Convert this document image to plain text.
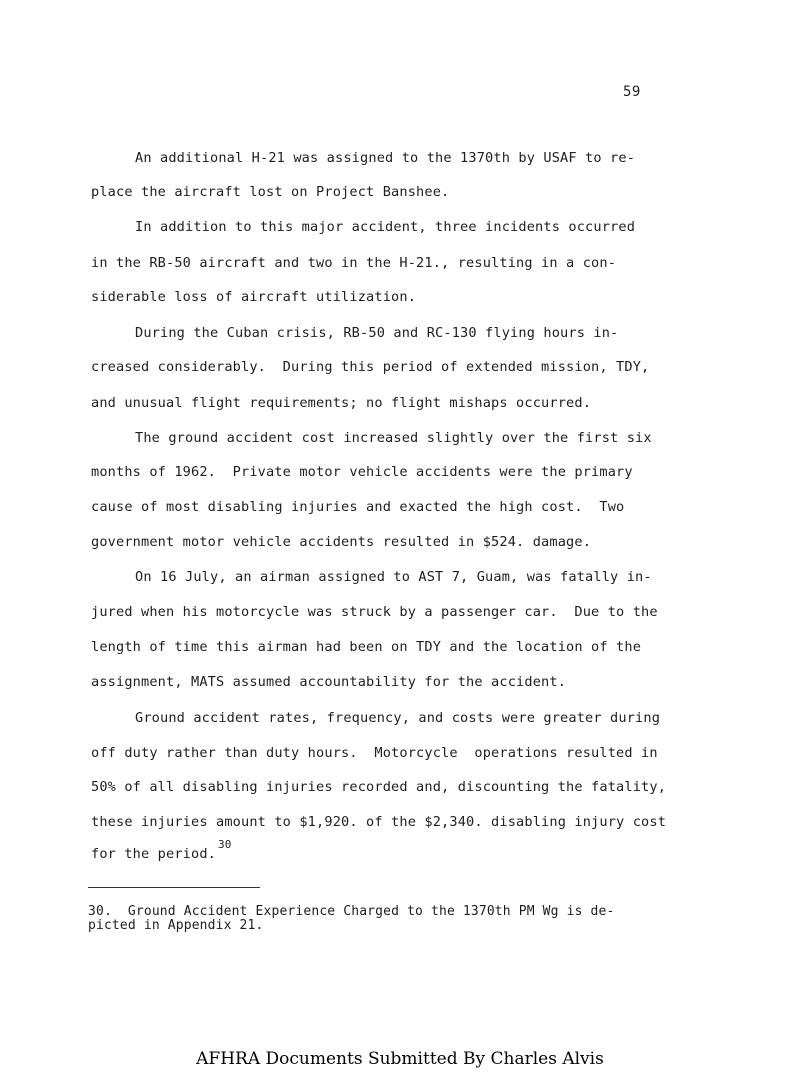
59
An additional H-21 was assigned to the 1370th by USAF to re-
place the aircraft lost on Project Banshee.
In addition to this major accident, three incidents occurred
in the RB-50 aircraft and two in the H-21., resulting in a con-
siderable loss of aircraft utilization.
During the Cuban crisis, RB-50 and RC-130 flying hours in-
creased considerably.  During this period of extended mission, TDY,
and unusual flight requirements; no flight mishaps occurred.
The ground accident cost increased slightly over the first six
months of 1962.  Private motor vehicle accidents were the primary
cause of most disabling injuries and exacted the high cost.  Two
government motor vehicle accidents resulted in $524. damage.
On 16 July, an airman assigned to AST 7, Guam, was fatally in-
jured when his motorcycle was struck by a passenger car.  Due to the
length of time this airman had been on TDY and the location of the
assignment, MATS assumed accountability for the accident.
Ground accident rates, frequency, and costs were greater during
off duty rather than duty hours.  Motorcycle  operations resulted in
50% of all disabling injuries recorded and, discounting the fatality,
these injuries amount to $1,920. of the $2,340. disabling injury cost
for the period.$^{30}$
30.  Ground Accident Experience Charged to the 1370th PM Wg is de-
picted in Appendix 21.
AFHRA Documents Submitted By Charles Alvis
